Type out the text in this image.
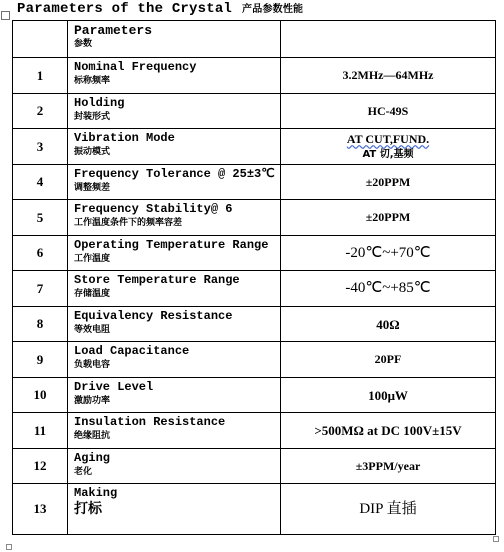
Parameters of the Crystal 产品参数性能

	Parameters
参数	

1	Nominal Frequency
标称频率	3.2MHz—64MHz
2	Holding
封装形式	HC-49S
3	Vibration Mode
振动模式	AT CUT,FUND.
AT 切,基频

4	Frequency Tolerance @ 25±3℃
调整频差	±20PPM
5	Frequency Stability@ 6
工作温度条件下的频率容差	±20PPM
6	Operating Temperature Range
工作温度	-20℃~+70℃
7	Store Temperature Range
存储温度	-40℃~+85℃
8	Equivalency Resistance
等效电阻	40Ω
9	Load Capacitance
负载电容	20PF
10	Drive Level
激励功率	100μW
11	Insulation Resistance
绝缘阻抗	>500MΩ at DC 100V±15V
12	Aging
老化	±3PPM/year
13	Making
打标	DIP 直插
